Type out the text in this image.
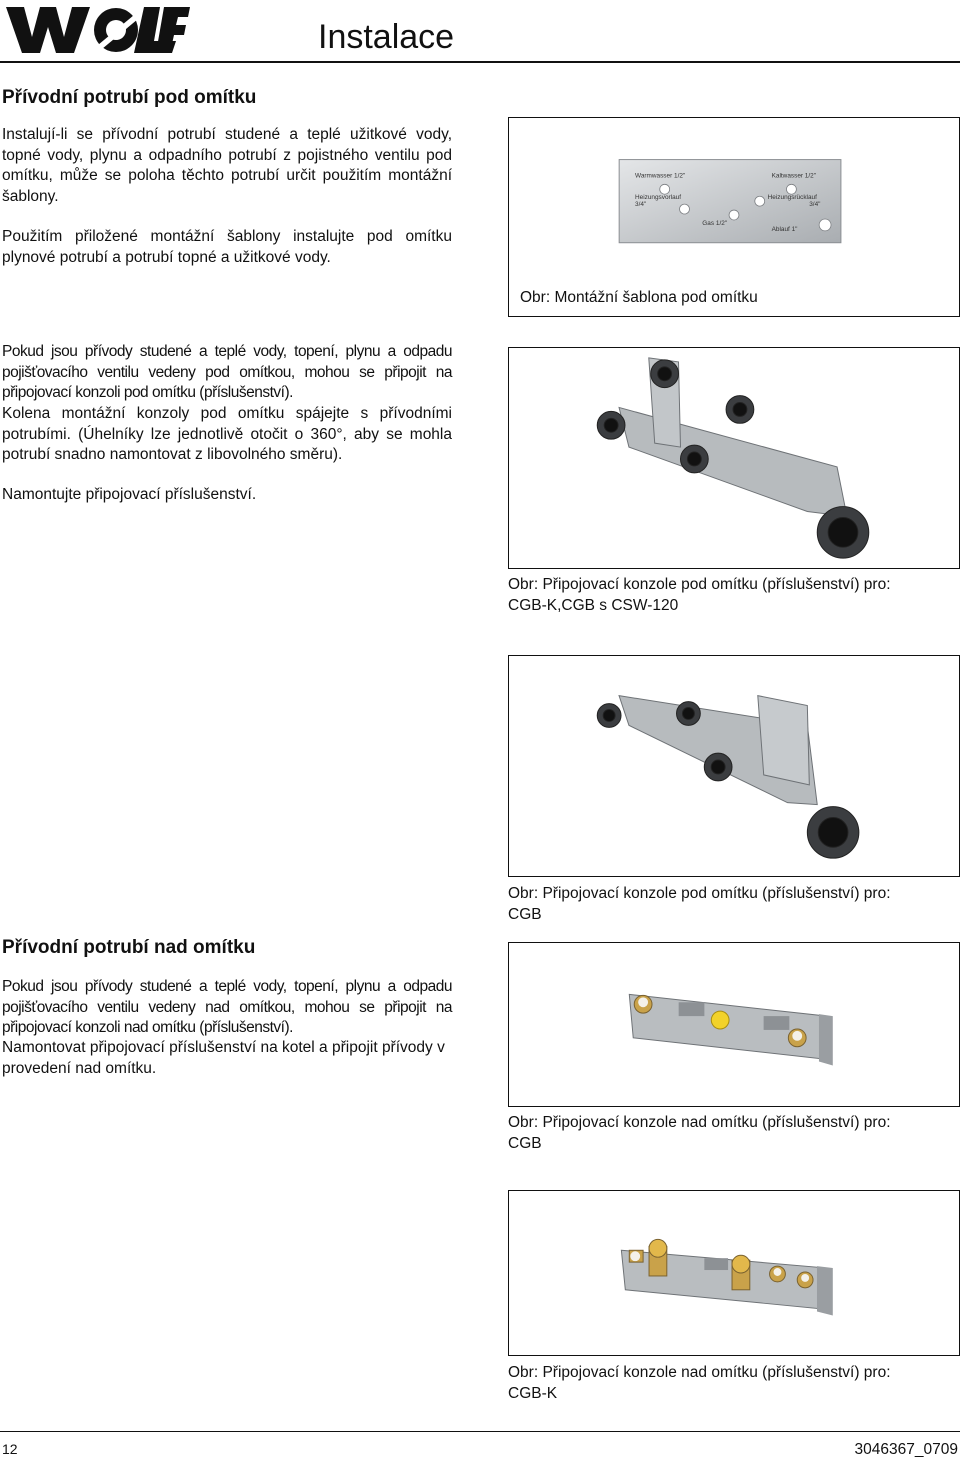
Instalace
Přívodní potrubí pod omítku

Instalují-li se přívodní potrubí studené a teplé užitkové vody, topné vody, plynu a odpadního potrubí z pojistného ventilu pod omítku, může se poloha těchto potrubí určit použitím montážní šablony.

Použitím přiložené montážní šablony instalujte pod omítku plynové potrubí a potrubí topné a užitkové vody.

Warmwasser 1/2"	Kaltwasser 1/2"
Heizungsvorlauf
3/4"
Heizungsrücklauf
3/4"
Gas 1/2"
Ablauf 1"
Obr: Montážní šablona pod omítku

Pokud jsou přívody studené a teplé vody, topení, plynu a odpadu pojišťovacího ventilu vedeny pod omítkou, mohou se připojit na připojovací konzoli pod omítku (příslušenství).

Kolena montážní konzoly pod omítku spájejte s přívodními potrubími. (Úhelníky lze jednotlivě otočit o 360°, aby se mohla potrubí snadno namontovat z libovolného směru).

Namontujte připojovací příslušenství.

Obr: Připojovací konzole pod omítku (příslušenství) pro:
CGB-K,CGB s CSW-120
Obr: Připojovací konzole pod omítku (příslušenství) pro:
CGB
Přívodní potrubí nad omítku

Pokud jsou přívody studené a teplé vody, topení, plynu a odpadu pojišťovacího ventilu vedeny nad omítkou, mohou se připojit na připojovací konzoli nad omítku (příslušenství).

Namontovat připojovací příslušenství na kotel a připojit přívody v provedení nad omítku.

Obr: Připojovací konzole nad omítku (příslušenství) pro:
CGB
Obr: Připojovací konzole nad omítku (příslušenství) pro:
CGB-K
12	3046367_0709
